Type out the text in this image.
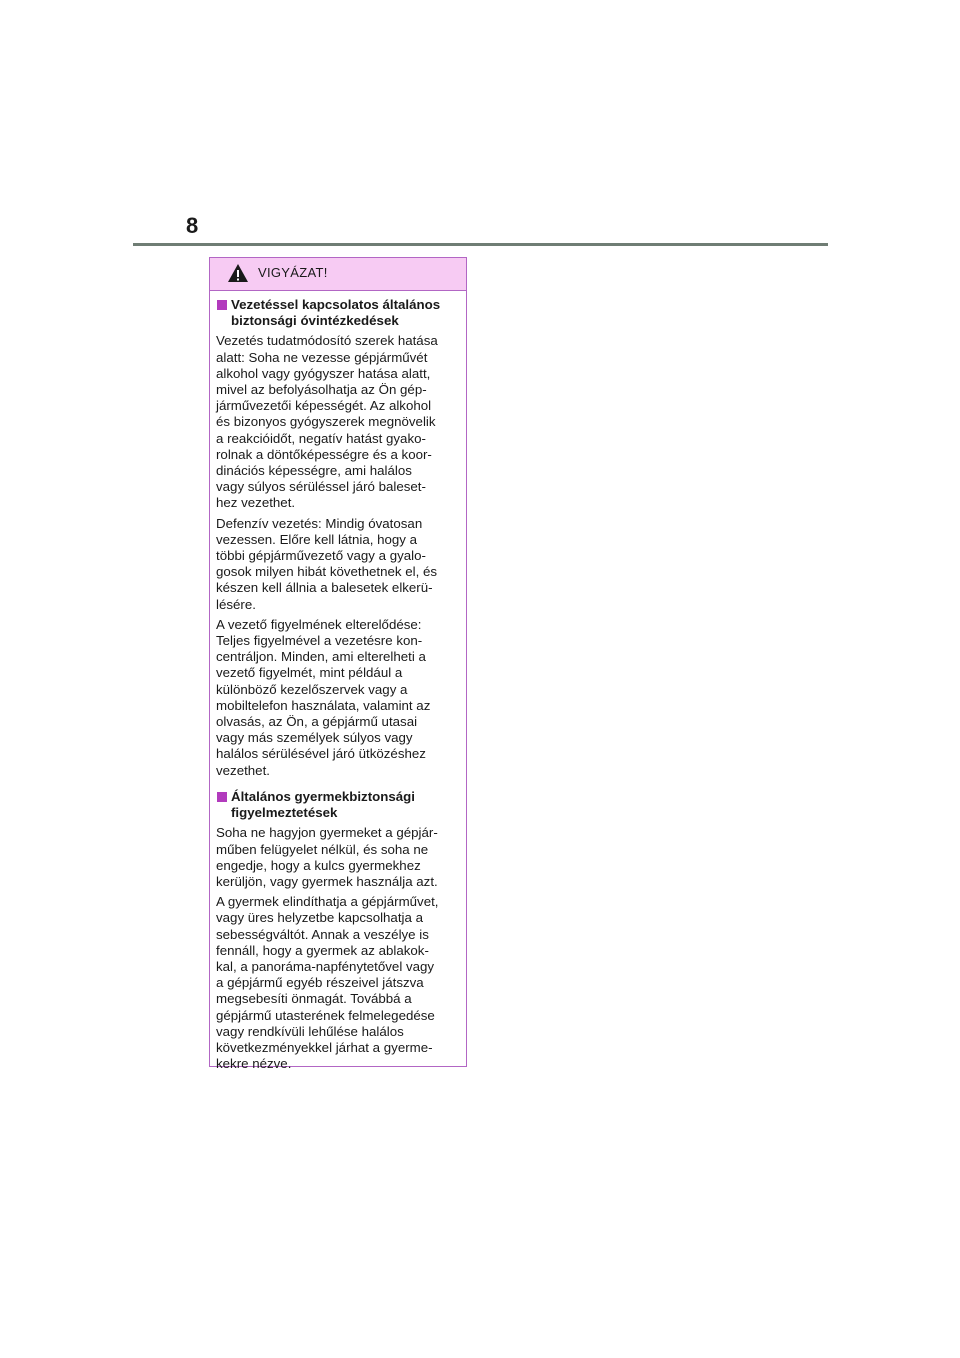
8
VIGYÁZAT!
Vezetéssel kapcsolatos általános
biztonsági óvintézkedések
Vezetés tudatmódosító szerek hatása
alatt: Soha ne vezesse gépjárművét
alkohol vagy gyógyszer hatása alatt,
mivel az befolyásolhatja az Ön gép-
járművezetői képességét. Az alkohol
és bizonyos gyógyszerek megnövelik
a reakcióidőt, negatív hatást gyako-
rolnak a döntőképességre és a koor-
dinációs képességre, ami halálos
vagy súlyos sérüléssel járó baleset-
hez vezethet.
Defenzív vezetés: Mindig óvatosan
vezessen. Előre kell látnia, hogy a
többi gépjárművezető vagy a gyalo-
gosok milyen hibát követhetnek el, és
készen kell állnia a balesetek elkerü-
lésére.
A vezető figyelmének elterelődése:
Teljes figyelmével a vezetésre kon-
centráljon. Minden, ami elterelheti a
vezető figyelmét, mint például a
különböző kezelőszervek vagy a
mobiltelefon használata, valamint az
olvasás, az Ön, a gépjármű utasai
vagy más személyek súlyos vagy
halálos sérülésével járó ütközéshez
vezethet.
Általános gyermekbiztonsági
figyelmeztetések
Soha ne hagyjon gyermeket a gépjár-
műben felügyelet nélkül, és soha ne
engedje, hogy a kulcs gyermekhez
kerüljön, vagy gyermek használja azt.
A gyermek elindíthatja a gépjárművet,
vagy üres helyzetbe kapcsolhatja a
sebességváltót. Annak a veszélye is
fennáll, hogy a gyermek az ablakok-
kal, a panoráma-napfénytetővel vagy
a gépjármű egyéb részeivel játszva
megsebesíti önmagát. Továbbá a
gépjármű utasterének felmelegedése
vagy rendkívüli lehűlése halálos
következményekkel járhat a gyerme-
kekre nézve.
